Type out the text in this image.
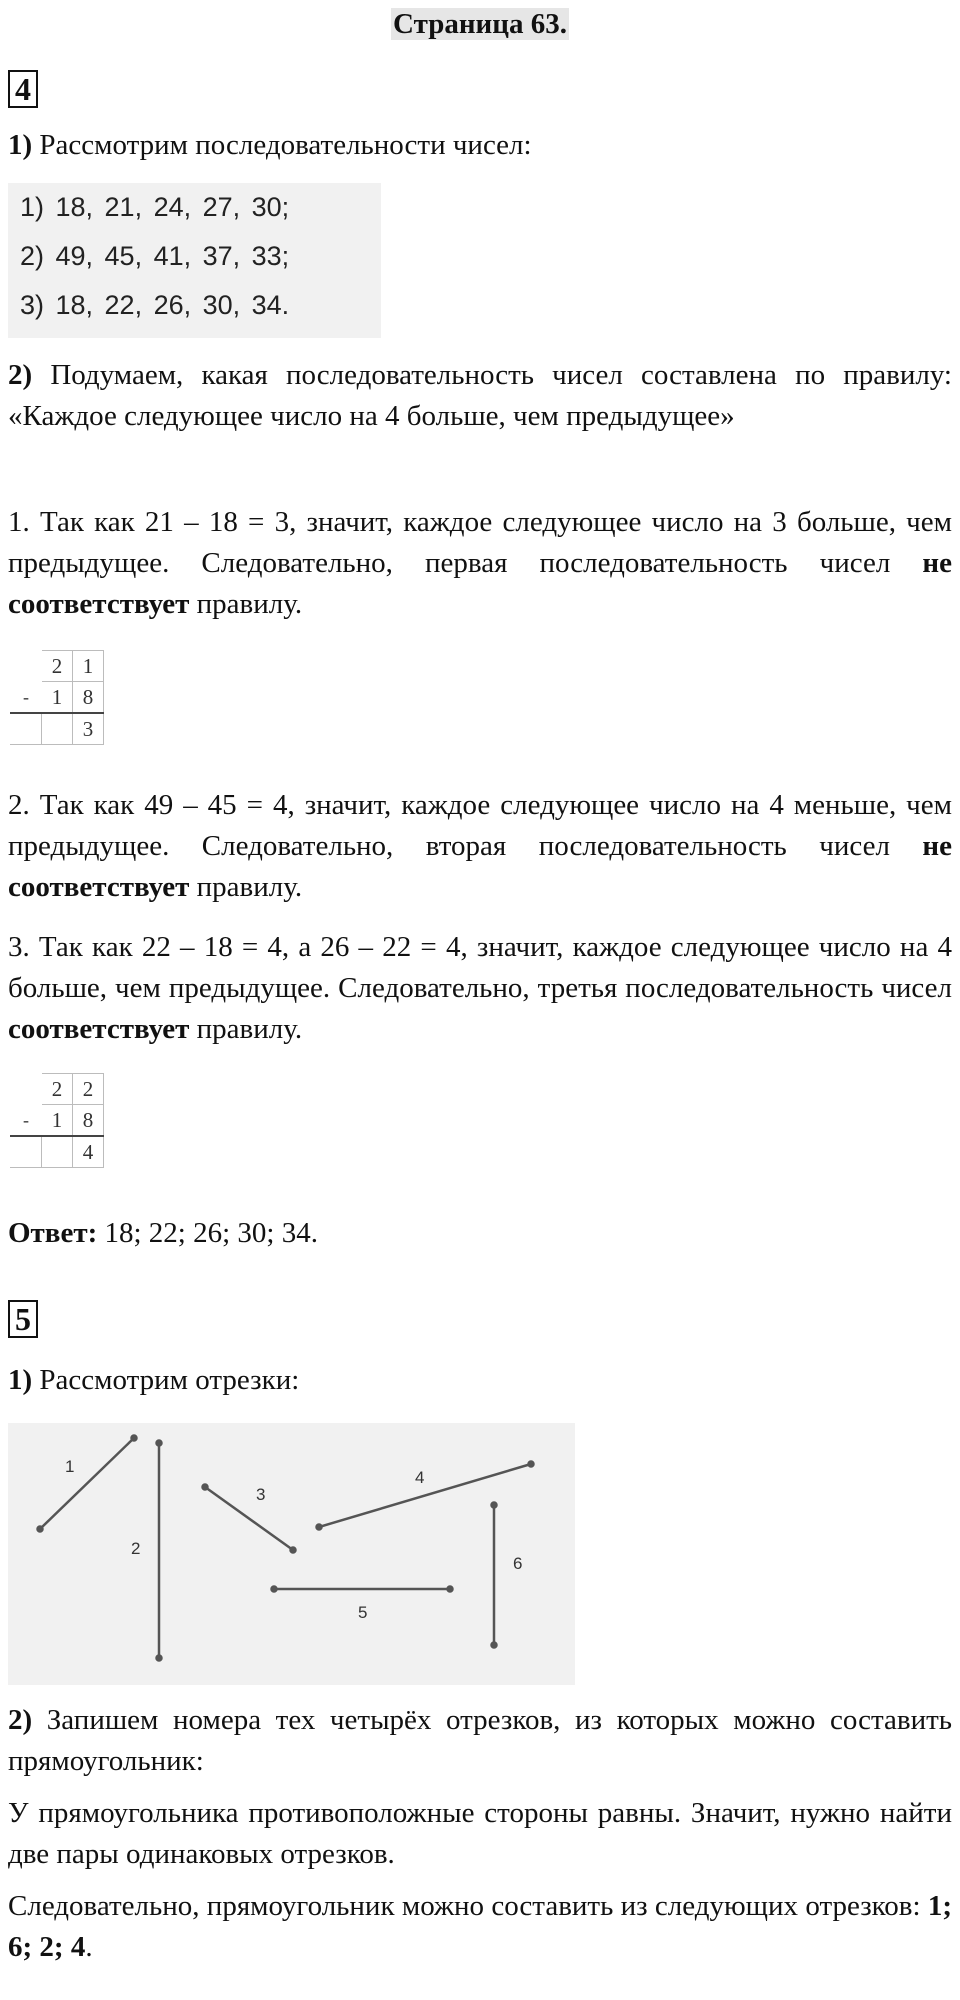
Страница 63.
4

1) Рассмотрим последовательности чисел:

1) 18, 21, 24, 27, 30;
2) 49, 45, 41, 37, 33;
3) 18, 22, 26, 30, 34.

2) Подумаем, какая последовательность чисел составлена по правилу: «Каждое следующее число на 4 больше, чем предыдущее»

1. Так как 21 – 18 = 3, значит, каждое следующее число на 3 больше, чем предыдущее. Следовательно, первая последовательность чисел не соответствует правилу.

	2	1
-	1	8
		3

2. Так как 49 – 45 = 4, значит, каждое следующее число на 4 меньше, чем предыдущее. Следовательно, вторая последовательность чисел не соответствует правилу.

3. Так как 22 – 18 = 4, а 26 – 22 = 4, значит, каждое следующее число на 4 больше, чем предыдущее. Следовательно, третья последовательность чисел соответствует правилу.

	2	2
-	1	8
		4

Ответ: 18; 22; 26; 30; 34.

5

1) Рассмотрим отрезки:

1
2
3
4
5
6

2) Запишем номера тех четырёх отрезков, из которых можно составить прямоугольник:

У прямоугольника противоположные стороны равны. Значит, нужно найти две пары одинаковых отрезков.

Следовательно, прямоугольник можно составить из следующих отрезков: 1; 6; 2; 4.
